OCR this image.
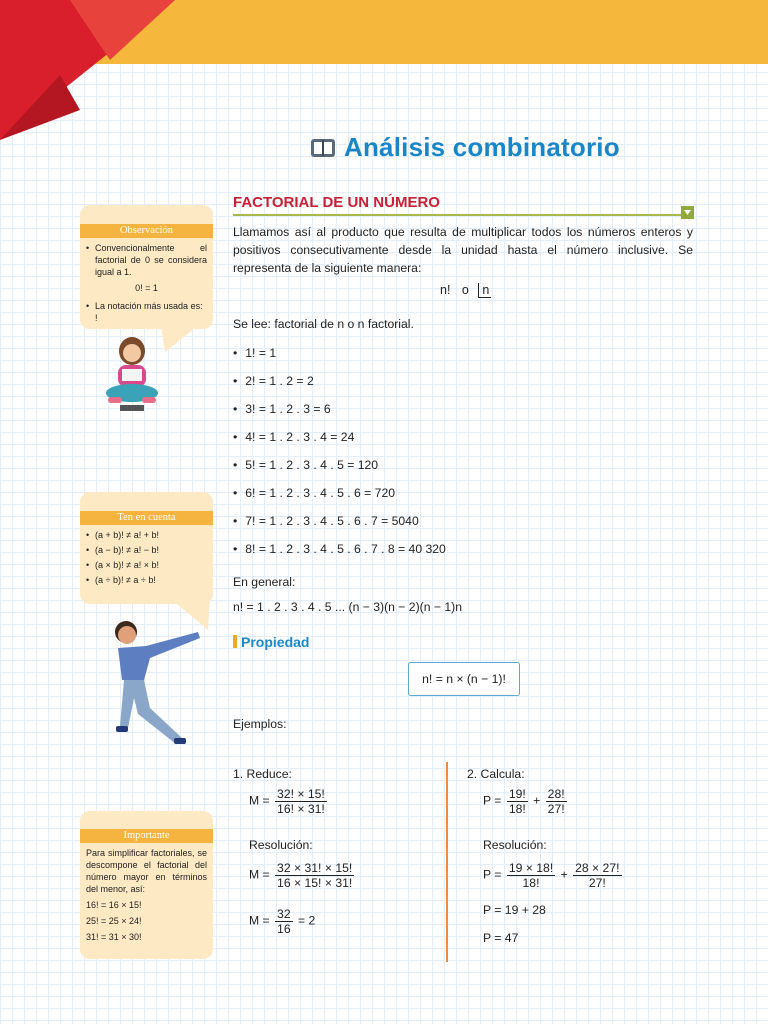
Análisis combinatorio
FACTORIAL DE UN NÚMERO

Llamamos así al producto que resulta de multiplicar todos los números enteros y positivos consecutivamente desde la unidad hasta el número inclusive. Se representa de la siguiente manera:

n! o n
Se lee: factorial de n o n factorial.
• 1! = 1
• 2! = 1 . 2 = 2
• 3! = 1 . 2 . 3 = 6
• 4! = 1 . 2 . 3 . 4 = 24
• 5! = 1 . 2 . 3 . 4 . 5 = 120
• 6! = 1 . 2 . 3 . 4 . 5 . 6 = 720
• 7! = 1 . 2 . 3 . 4 . 5 . 6 . 7 = 5040
• 8! = 1 . 2 . 3 . 4 . 5 . 6 . 7 . 8 = 40 320
En general:
n! = 1 . 2 . 3 . 4 . 5 ... (n − 3)(n − 2)(n − 1)n
Propiedad
n! = n × (n − 1)!
Ejemplos:
1. Reduce:
$M = \frac{32! \times 15!}{16! \times 31!}$
Resolución:
$M = \frac{32 \times 31! \times 15!}{16 \times 15! \times 31!}$
$M = \frac{32}{16} = 2$
2. Calcula:
$P = \frac{19!}{18!} + \frac{28!}{27!}$
Resolución:
$P = \frac{19 \times 18!}{18!} + \frac{28 \times 27!}{27!}$
P = 19 + 28
P = 47
Observación
• Convencionalmente el factorial de 0 se considera igual a 1.
0! = 1
• La notación más usada es: !
Ten en cuenta
• (a + b)! ≠ a! + b!
• (a − b)! ≠ a! − b!
• (a × b)! ≠ a! × b!
• (a ÷ b)! ≠ a ÷ b!
Importante
Para simplificar factoriales, se descompone el factorial del número mayor en términos del menor, así:
16! = 16 × 15!
25! = 25 × 24!
31! = 31 × 30!
